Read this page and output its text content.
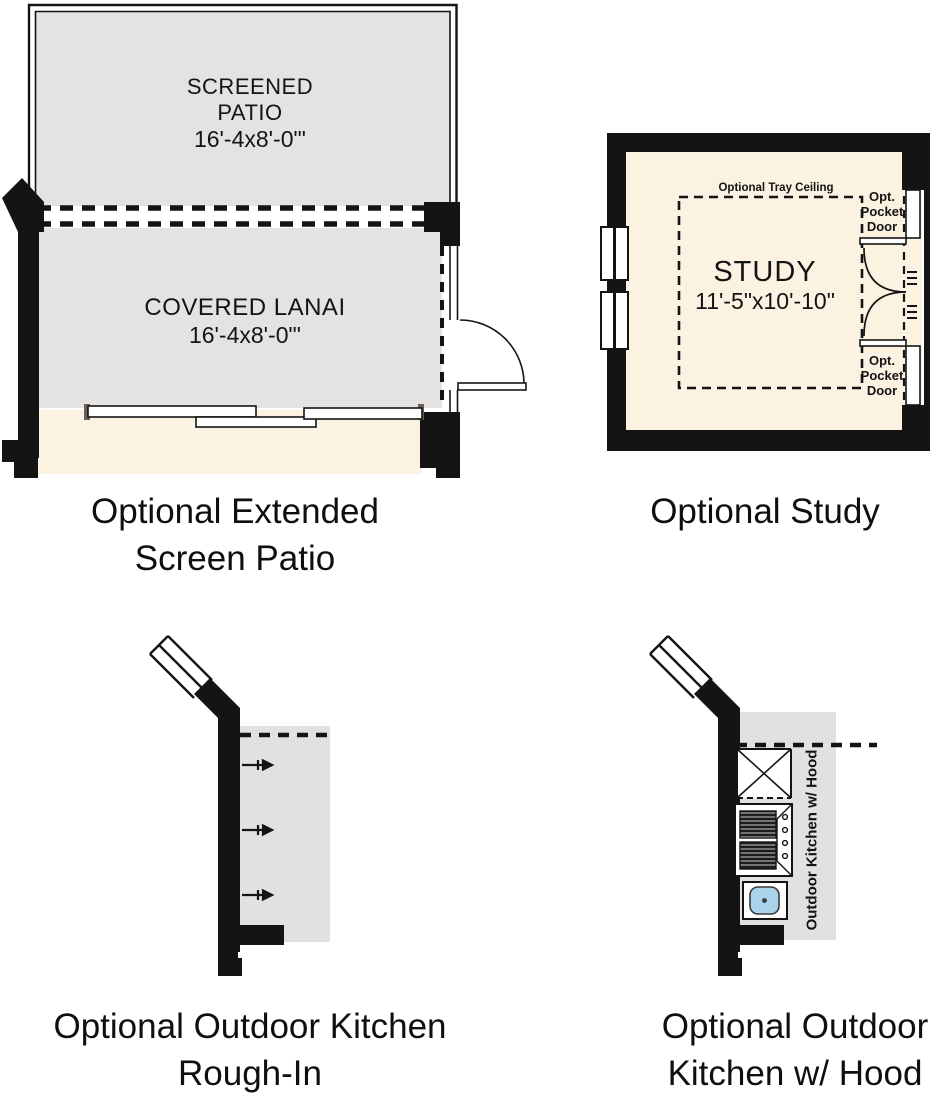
SCREENED
PATIO
16'-4x8'-0"'
COVERED LANAI
16'-4x8'-0"'
Optional Extended
Screen Patio
Optional Tray Ceiling
STUDY
11'-5"x10'-10"
Opt.
Pocket
Door
Opt.
Pocket
Door
Optional Study
Optional Outdoor Kitchen
Rough-In
Outdoor Kitchen w/ Hood
Optional Outdoor
Kitchen w/ Hood
